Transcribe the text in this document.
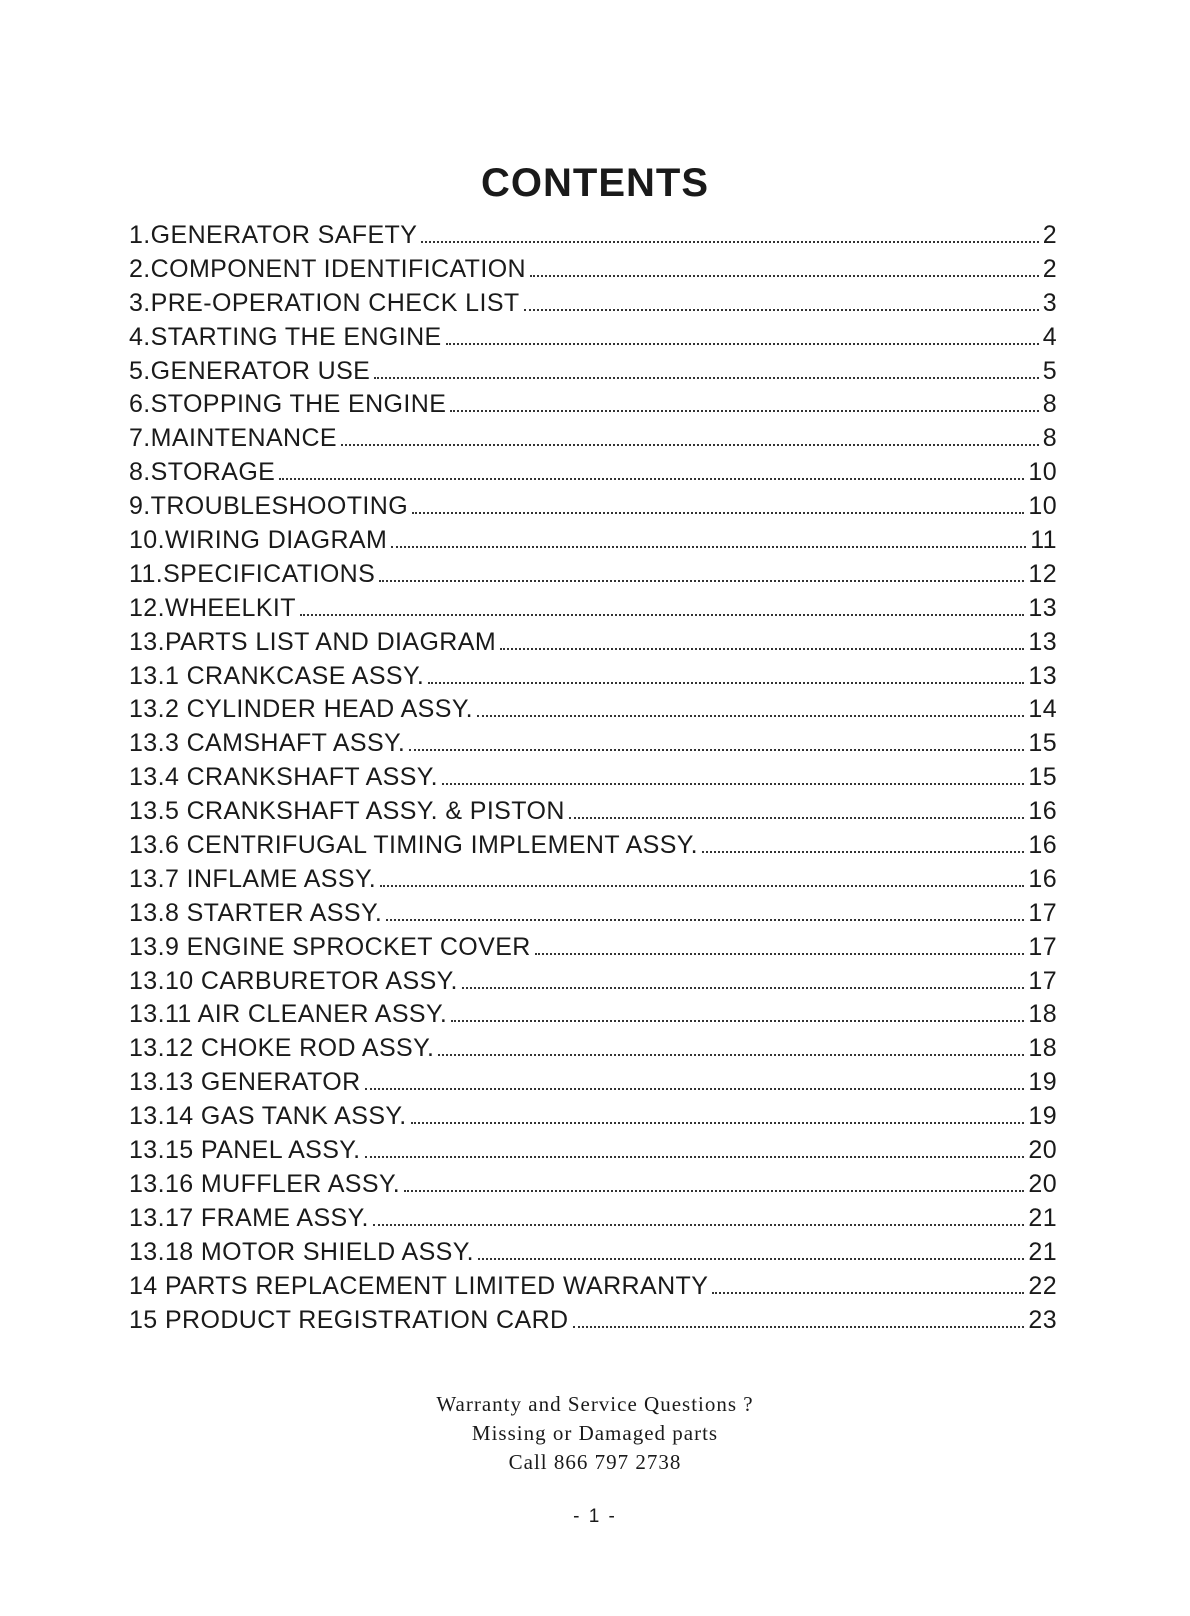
CONTENTS
1.GENERATOR SAFETY	2
2.COMPONENT IDENTIFICATION	2
3.PRE-OPERATION CHECK LIST	3
4.STARTING THE ENGINE	4
5.GENERATOR USE	5
6.STOPPING THE ENGINE	8
7.MAINTENANCE	8
8.STORAGE	10
9.TROUBLESHOOTING	10
10.WIRING DIAGRAM	11
11.SPECIFICATIONS	12
12.WHEELKIT	13
13.PARTS LIST AND DIAGRAM	13
13.1 CRANKCASE ASSY.	13
13.2 CYLINDER HEAD ASSY.	14
13.3 CAMSHAFT ASSY.	15
13.4 CRANKSHAFT ASSY.	15
13.5 CRANKSHAFT ASSY. & PISTON	16
13.6 CENTRIFUGAL TIMING IMPLEMENT ASSY.	16
13.7 INFLAME ASSY.	16
13.8 STARTER ASSY.	17
13.9 ENGINE SPROCKET COVER	17
13.10 CARBURETOR ASSY.	17
13.11 AIR CLEANER ASSY.	18
13.12 CHOKE ROD ASSY.	18
13.13 GENERATOR	19
13.14 GAS TANK ASSY.	19
13.15 PANEL ASSY.	20
13.16 MUFFLER ASSY.	20
13.17 FRAME ASSY.	21
13.18 MOTOR SHIELD ASSY.	21
14 PARTS REPLACEMENT LIMITED WARRANTY	22
15 PRODUCT REGISTRATION CARD	23
Warranty and Service Questions ?
Missing or Damaged parts
Call 866 797 2738
- 1 -
